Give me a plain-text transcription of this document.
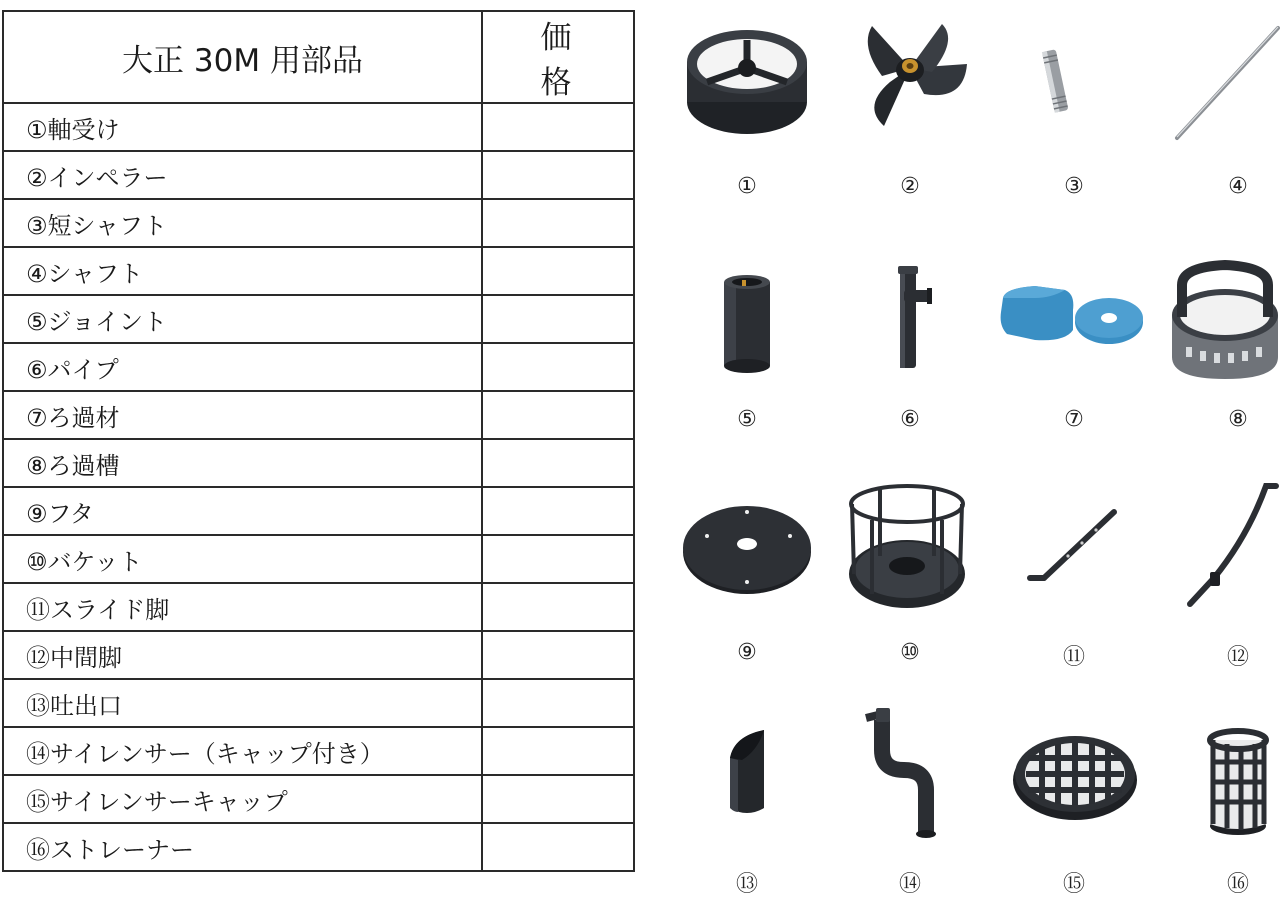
大正 30M 用部品	価　格
①軸受け	
②インペラー	
③短シャフト	
④シャフト	
⑤ジョイント	
⑥パイプ	
⑦ろ過材	
⑧ろ過槽	
⑨フタ	
⑩バケット	
⑪スライド脚	
⑫中間脚	
⑬吐出口	
⑭サイレンサー（キャップ付き）	
⑮サイレンサーキャップ	
⑯ストレーナー	
①	②	③	④
⑤	⑥	⑦	⑧
⑨	⑩	⑪	⑫
⑬	⑭	⑮	⑯
